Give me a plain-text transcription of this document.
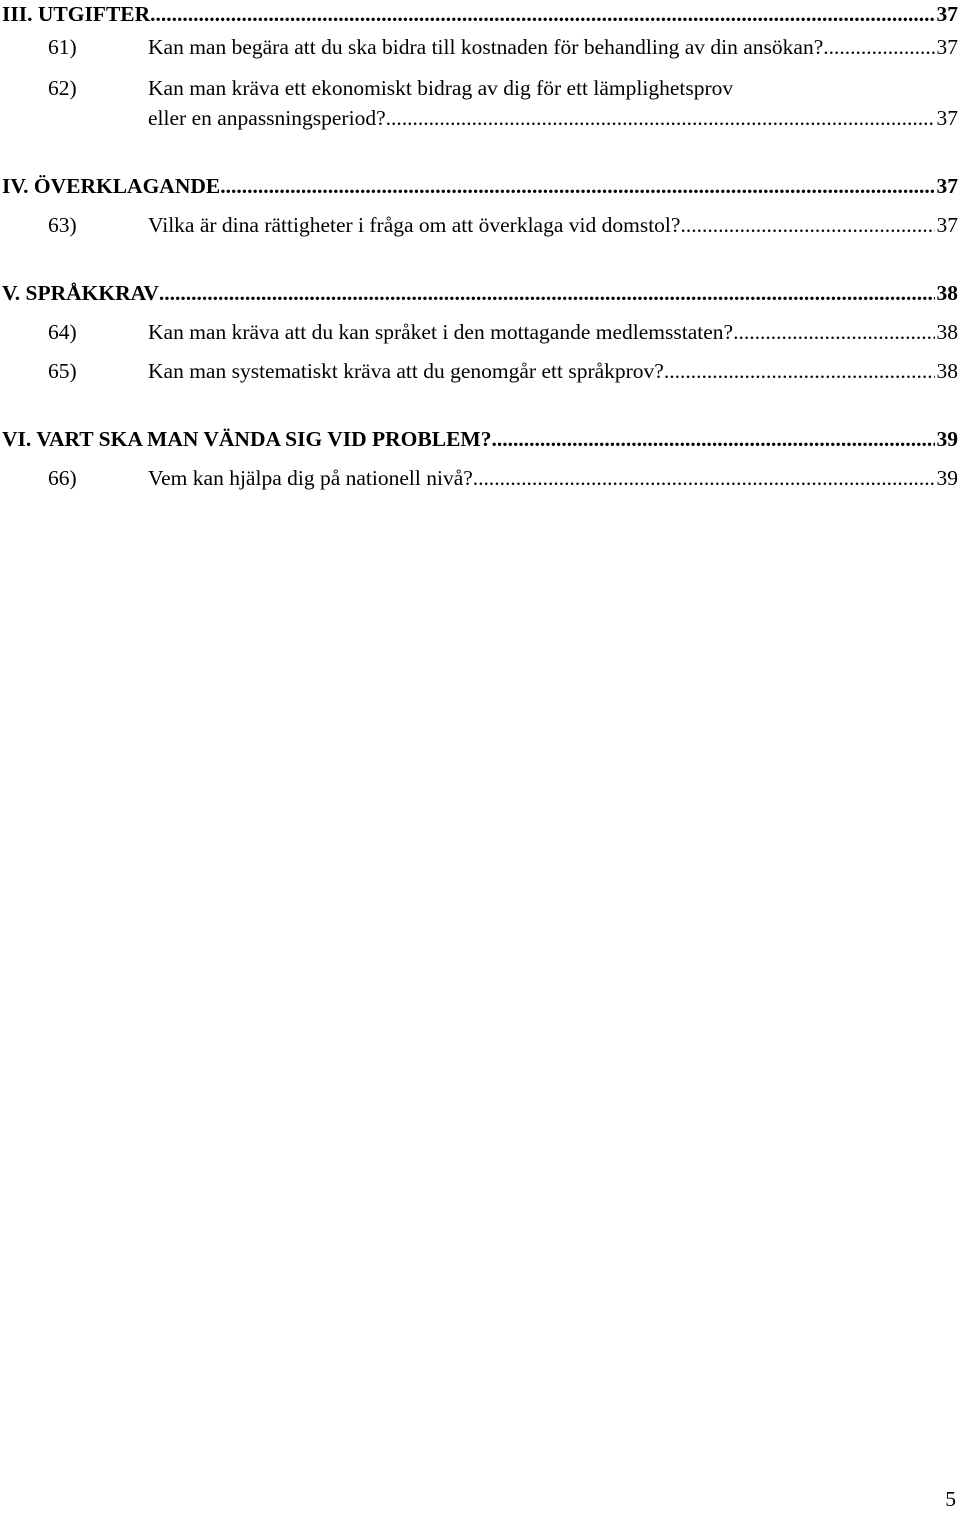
III. UTGIFTER .....	37
61)	Kan man begära att du ska bidra till kostnaden för behandling av din ansökan? .....	37
62)	Kan man kräva ett ekonomiskt bidrag av dig för ett lämplighetsprov
eller en anpassningsperiod? .....	37
IV. ÖVERKLAGANDE .....	37
63)	Vilka är dina rättigheter i fråga om att överklaga vid domstol? .....	37
V. SPRÅKKRAV .....	38
64)	Kan man kräva att du kan språket i den mottagande medlemsstaten? .....	38
65)	Kan man systematiskt kräva att du genomgår ett språkprov? .....	38
VI. VART SKA MAN VÄNDA SIG VID PROBLEM? .....	39
66)	Vem kan hjälpa dig på nationell nivå? .....	39
5
